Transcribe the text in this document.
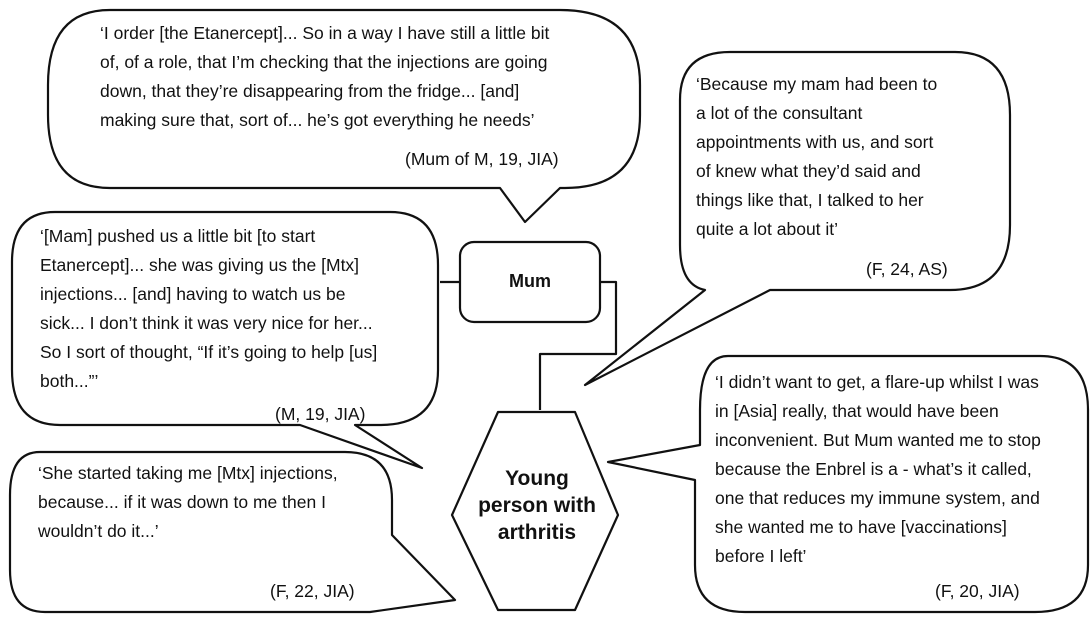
‘I order [the Etanercept]... So in a way I have still a little bit
of, of a role, that I’m checking that the injections are going
down, that they’re disappearing from the fridge... [and]
making sure that, sort of... he’s got everything he needs’
(Mum of M, 19, JIA)
‘Because my mam had been to
a lot of the consultant
appointments with us, and sort
of knew what they’d said and
things like that, I talked to her
quite a lot about it’
(F, 24, AS)
‘[Mam] pushed us a little bit [to start
Etanercept]... she was giving us the [Mtx]
injections... [and] having to watch us be
sick... I don’t think it was very nice for her...
So I sort of thought, “If it’s going to help [us]
both...”’
(M, 19, JIA)
‘I didn’t want to get, a flare-up whilst I was
in [Asia] really, that would have been
inconvenient. But Mum wanted me to stop
because the Enbrel is a - what’s it called,
one that reduces my immune system, and
she wanted me to have [vaccinations]
before I left’
(F, 20, JIA)
‘She started taking me [Mtx] injections,
because... if it was down to me then I
wouldn’t do it...’
(F, 22, JIA)
Mum
Young
person with
arthritis
